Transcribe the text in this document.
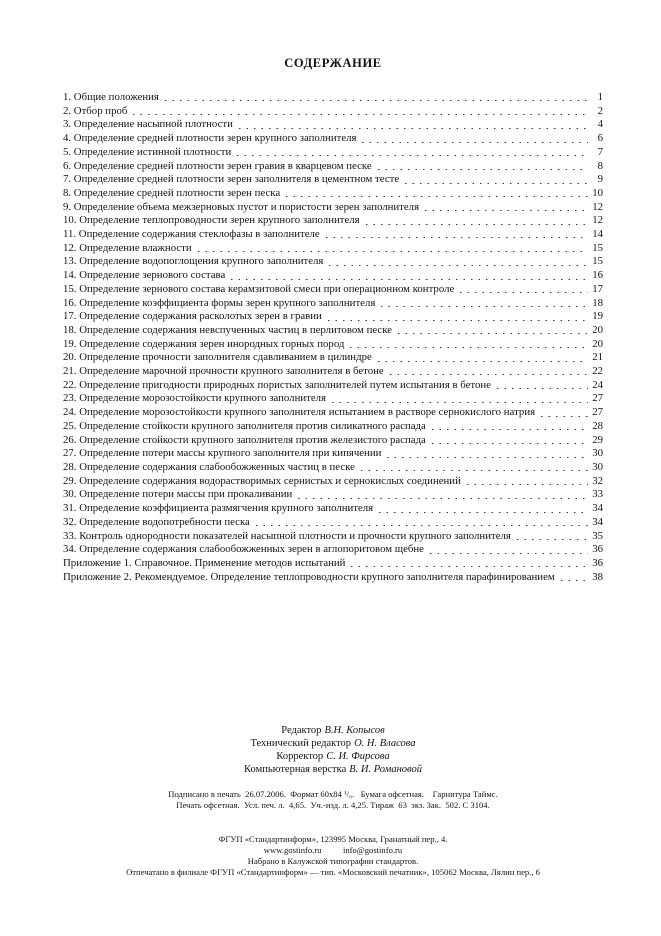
СОДЕРЖАНИЕ
1. Общие положения	1
2. Отбор проб	2
3. Определение насыпной плотности	4
4. Определение средней плотности зерен крупного заполнителя	6
5. Определение истинной плотности	7
6. Определение средней плотности зерен гравия в кварцевом песке	8
7. Определение средней плотности зерен заполнителя в цементном тесте	9
8. Определение средней плотности зерен песка	10
9. Определение объема межзерновых пустот и пористости зерен заполнителя	12
10. Определение теплопроводности зерен крупного заполнителя	12
11. Определение содержания стеклофазы в заполнителе	14
12. Определение влажности	15
13. Определение водопоглощения крупного заполнителя	15
14. Определение зернового состава	16
15. Определение зернового состава керамзитовой смеси при операционном контроле	17
16. Определение коэффициента формы зерен крупного заполнителя	18
17. Определение содержания расколотых зерен в гравии	19
18. Определение содержания невспученных частиц в перлитовом песке	20
19. Определение содержания зерен инородных горных пород	20
20. Определение прочности заполнителя сдавливанием в цилиндре	21
21. Определение марочной прочности крупного заполнителя в бетоне	22
22. Определение пригодности природных пористых заполнителей путем испытания в бетоне	24
23. Определение морозостойкости крупного заполнителя	27
24. Определение морозостойкости крупного заполнителя испытанием в растворе сернокислого натрия	27
25. Определение стойкости крупного заполнителя против силикатного распада	28
26. Определение стойкости крупного заполнителя против железистого распада	29
27. Определение потери массы крупного заполнителя при кипячении	30
28. Определение содержания слабообожженных частиц в песке	30
29. Определение содержания водорастворимых сернистых и сернокислых соединений	32
30. Определение потери массы при прокаливании	33
31. Определение коэффициента размягчения крупного заполнителя	34
32. Определение водопотребности песка	34
33. Контроль однородности показателей насыпной плотности и прочности крупного заполнителя	35
34. Определение содержания слабообожженных зерен в аглопоритовом щебне	36
Приложение 1. Справочное. Применение методов испытаний	36
Приложение 2. Рекомендуемое. Определение теплопроводности крупного заполнителя парафинированием	38
Редактор В.Н. Копысов
Технический редактор О. Н. Власова
Корректор С. И. Фирсова
Компьютерная верстка В. И. Романовой
Подписано в печать  26.07.2006.  Формат 60х84 ¹/₈.   Бумага офсетная.    Гарнитура Таймс.
Печать офсетная.  Усл. печ. л.  4,65.  Уч.-изд. л. 4,25. Тираж  63  экз. Зак.  502. С 3104.
ФГУП «Стандартинформ», 123995 Москва, Гранатный пер., 4.
www.gostinfo.ru          info@gostinfo.ru
Набрано в Калужской типографии стандартов.
Отпечатано в филиале ФГУП «Стандартинформ» — тип. «Московский печатник», 105062 Москва, Лялин пер., 6
